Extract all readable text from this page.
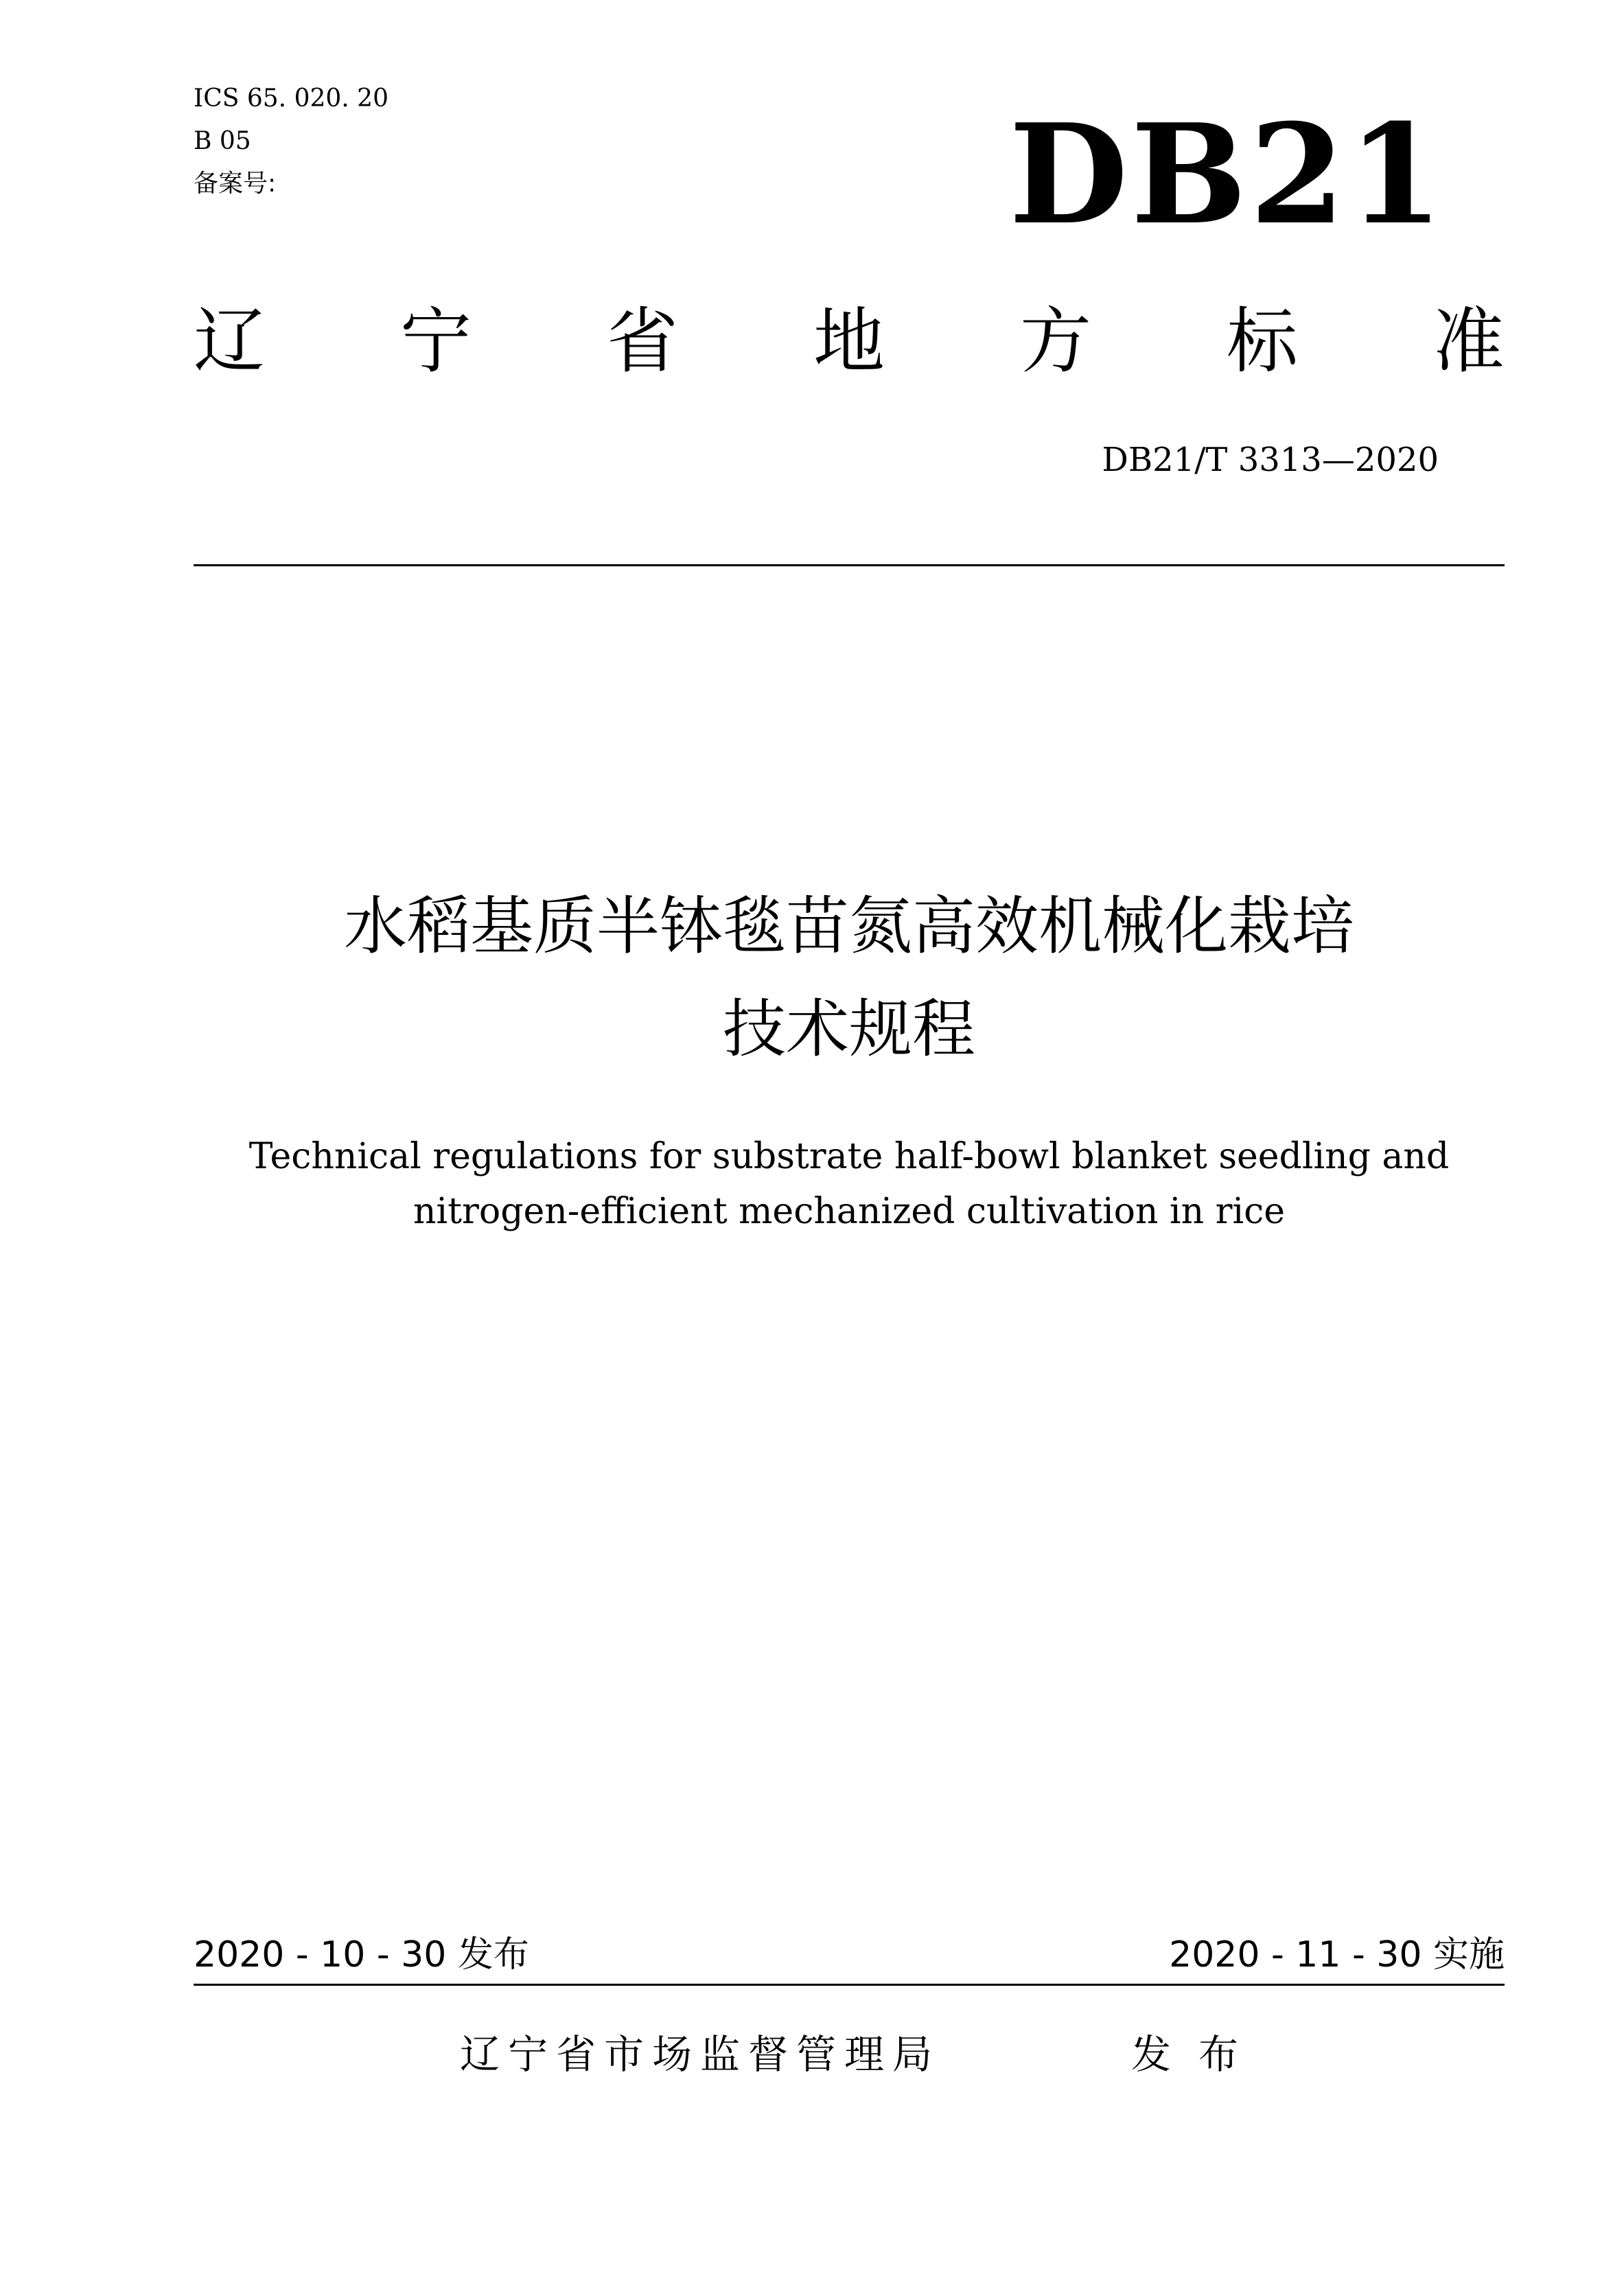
ICS 65. 020. 20
B 05
备案号:	DB21
辽 宁 省 地 方 标 准
DB21/T 3313—2020
水稻基质半钵毯苗氮高效机械化栽培
技术规程
Technical regulations for substrate half-bowl blanket seedling and
nitrogen-efficient mechanized cultivation in rice
2020 - 10 - 30 发布	2020 - 11 - 30 实施
辽宁省市场监督管理局	发布
